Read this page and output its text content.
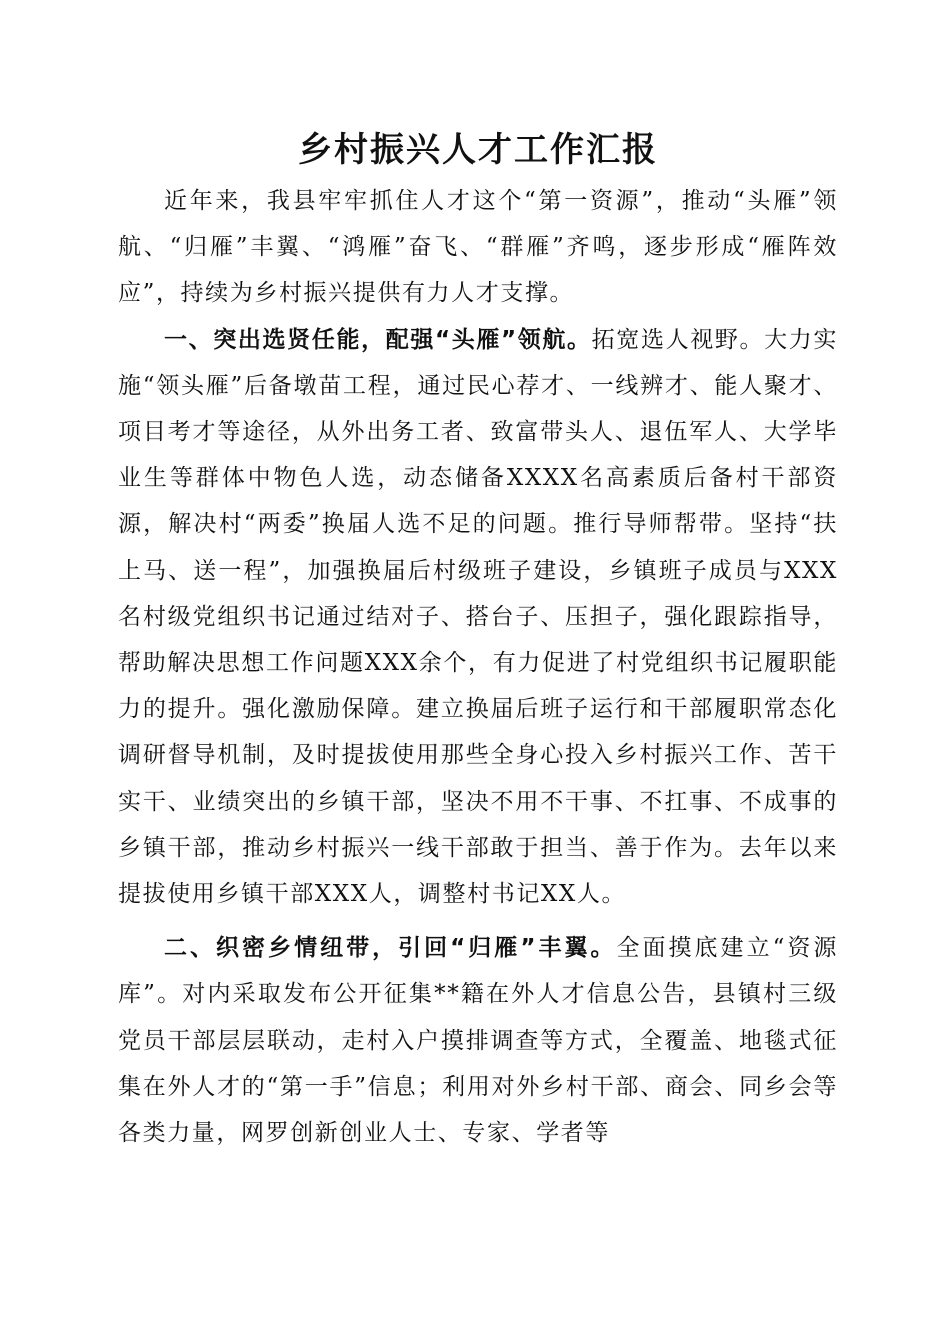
乡村振兴人才工作汇报

近年来，我县牢牢抓住人才这个“第一资源”，推动“头雁”领航、“归雁”丰翼、“鸿雁”奋飞、“群雁”齐鸣，逐步形成“雁阵效应”，持续为乡村振兴提供有力人才支撑。

一、突出选贤任能，配强“头雁”领航。拓宽选人视野。大力实施“领头雁”后备墩苗工程，通过民心荐才、一线辨才、能人聚才、项目考才等途径，从外出务工者、致富带头人、退伍军人、大学毕业生等群体中物色人选，动态储备XXXX名高素质后备村干部资源，解决村“两委”换届人选不足的问题。推行导师帮带。坚持“扶上马、送一程”，加强换届后村级班子建设，乡镇班子成员与XXX名村级党组织书记通过结对子、搭台子、压担子，强化跟踪指导，帮助解决思想工作问题XXX余个，有力促进了村党组织书记履职能力的提升。强化激励保障。建立换届后班子运行和干部履职常态化调研督导机制，及时提拔使用那些全身心投入乡村振兴工作、苦干实干、业绩突出的乡镇干部，坚决不用不干事、不扛事、不成事的乡镇干部，推动乡村振兴一线干部敢于担当、善于作为。去年以来提拔使用乡镇干部XXX人，调整村书记XX人。

二、织密乡情纽带，引回“归雁”丰翼。全面摸底建立“资源库”。对内采取发布公开征集**籍在外人才信息公告，县镇村三级党员干部层层联动，走村入户摸排调查等方式，全覆盖、地毯式征集在外人才的“第一手”信息；利用对外乡村干部、商会、同乡会等各类力量，网罗创新创业人士、专家、学者等
